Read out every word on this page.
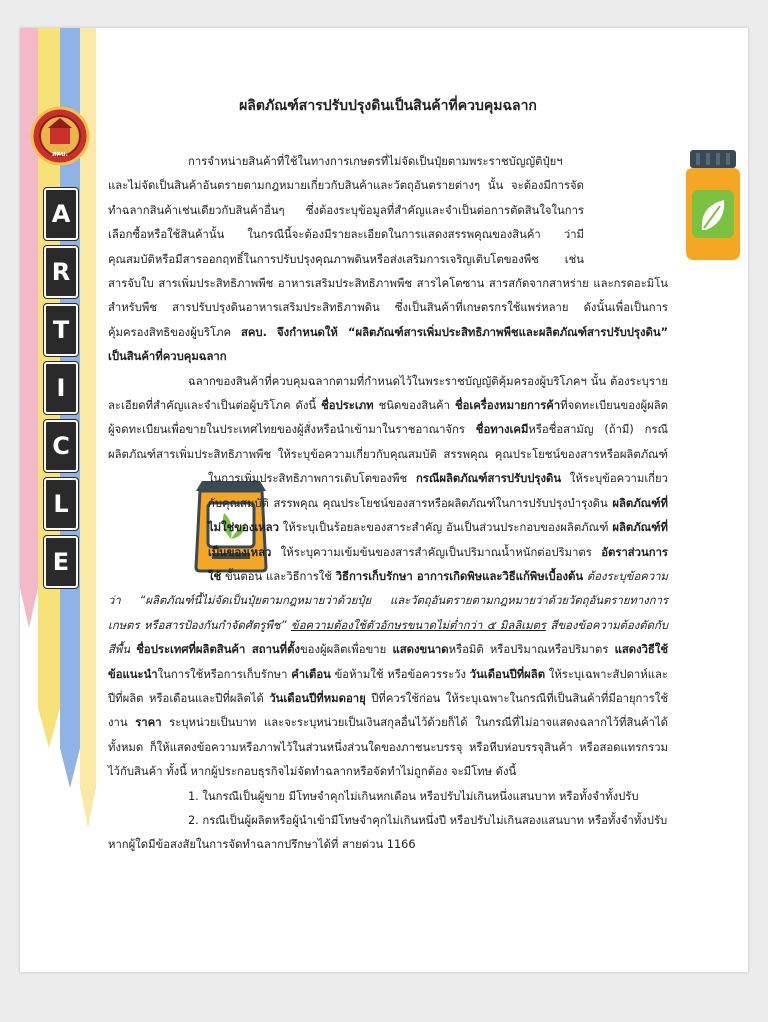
สคบ.
A
R
T
I
C
L
E
ผลิตภัณฑ์สารปรับปรุงดินเป็นสินค้าที่ควบคุมฉลาก

การจำหน่ายสินค้าที่ใช้ในทางการเกษตรที่ไม่จัดเป็นปุ๋ยตามพระราชบัญญัติปุ๋ยฯ และไม่จัดเป็นสินค้าอันตรายตามกฎหมายเกี่ยวกับสินค้าและวัตถุอันตรายต่างๆ นั้น จะต้องมีการจัดทำฉลากสินค้าเช่นเดียวกับสินค้าอื่นๆ ซึ่งต้องระบุข้อมูลที่สำคัญและจำเป็นต่อการตัดสินใจในการเลือกซื้อหรือใช้สินค้านั้น ในกรณีนี้จะต้องมีรายละเอียดในการแสดงสรรพคุณของสินค้า ว่ามีคุณสมบัติหรือมีสารออกฤทธิ์ในการปรับปรุงคุณภาพดินหรือส่งเสริมการเจริญเติบโตของพืช เช่น สารจับใบ สารเพิ่มประสิทธิภาพพืช อาหารเสริมประสิทธิภาพพืช สารไคโตซาน สารสกัดจากสาหร่าย และกรดอะมิโนสำหรับพืช สารปรับปรุงดินอาหารเสริมประสิทธิภาพดิน ซึ่งเป็นสินค้าที่เกษตรกรใช้แพร่หลาย ดังนั้นเพื่อเป็นการคุ้มครองสิทธิของผู้บริโภค สคบ. จึงกำหนดให้ “ผลิตภัณฑ์สารเพิ่มประสิทธิภาพพืชและผลิตภัณฑ์สารปรับปรุงดิน” เป็นสินค้าที่ควบคุมฉลาก

ฉลากของสินค้าที่ควบคุมฉลากตามที่กำหนดไว้ในพระราชบัญญัติคุ้มครองผู้บริโภคฯ นั้น ต้องระบุรายละเอียดที่สำคัญและจำเป็นต่อผู้บริโภค ดังนี้ ชื่อประเภท ชนิดของสินค้า ชื่อเครื่องหมายการค้าที่จดทะเบียนของผู้ผลิต ผู้จดทะเบียนเพื่อขายในประเทศไทยของผู้สั่งหรือนำเข้ามาในราชอาณาจักร ชื่อทางเคมีหรือชื่อสามัญ (ถ้ามี) กรณีผลิตภัณฑ์สารเพิ่มประสิทธิภาพพืช ให้ระบุข้อความเกี่ยวกับคุณสมบัติ สรรพคุณ คุณประโยชน์ของสารหรือผลิตภัณฑ์ในการเพิ่มประสิทธิภาพการเติบโตของพืช
กรณีผลิตภัณฑ์สารปรับปรุงดิน ให้ระบุข้อความเกี่ยวกับคุณสมบัติ สรรพคุณ คุณประโยชน์ของสารหรือผลิตภัณฑ์ในการปรับปรุงบำรุงดิน ผลิตภัณฑ์ที่ไม่ใช่ของเหลว ให้ระบุเป็นร้อยละของสาระสำคัญ อันเป็นส่วนประกอบของผลิตภัณฑ์ ผลิตภัณฑ์ที่เป็นของเหลว ให้ระบุความเข้มข้นของสารสำคัญเป็นปริมาณน้ำหนักต่อปริมาตร อัตราส่วนการใช้ ขั้นตอน และวิธีการใช้ วิธีการเก็บรักษา อาการเกิดพิษและวิธีแก้พิษเบื้องต้น ต้องระบุข้อความว่า “ผลิตภัณฑ์นี้ไม่จัดเป็นปุ๋ยตามกฎหมายว่าด้วยปุ๋ย และวัตถุอันตรายตามกฎหมายว่าด้วยวัตถุอันตรายทางการเกษตร หรือสารป้องกันกำจัดศัตรูพืช” ข้อความต้องใช้ตัวอักษรขนาดไม่ต่ำกว่า ๕ มิลลิเมตร สีของข้อความต้องตัดกับสีพื้น ชื่อประเทศที่ผลิตสินค้า สถานที่ตั้งของผู้ผลิตเพื่อขาย แสดงขนาดหรือมิติ หรือปริมาณหรือปริมาตร แสดงวิธีใช้ ข้อแนะนำในการใช้หรือการเก็บรักษา คำเตือน ข้อห้ามใช้ หรือข้อควรระวัง วันเดือนปีที่ผลิต ให้ระบุเฉพาะสัปดาห์และปีที่ผลิต หรือเดือนและปีที่ผลิตได้ วันเดือนปีที่หมดอายุ ปีที่ควรใช้ก่อน ให้ระบุเฉพาะในกรณีที่เป็นสินค้าที่มีอายุการใช้งาน ราคา ระบุหน่วยเป็นบาท และจะระบุหน่วยเป็นเงินสกุลอื่นไว้ด้วยก็ได้ ในกรณีที่ไม่อาจแสดงฉลากไว้ที่สินค้าได้ทั้งหมด ก็ให้แสดงข้อความหรือภาพไว้ในส่วนหนึ่งส่วนใดของภาชนะบรรจุ หรือหีบห่อบรรจุสินค้า หรือสอดแทรกรวมไว้กับสินค้า ทั้งนี้ หากผู้ประกอบธุรกิจไม่จัดทำฉลากหรือจัดทำไม่ถูกต้อง จะมีโทษ ดังนี้

1. ในกรณีเป็นผู้ขาย มีโทษจำคุกไม่เกินหกเดือน หรือปรับไม่เกินหนึ่งแสนบาท หรือทั้งจำทั้งปรับ

2. กรณีเป็นผู้ผลิตหรือผู้นำเข้ามีโทษจำคุกไม่เกินหนึ่งปี หรือปรับไม่เกินสองแสนบาท หรือทั้งจำทั้งปรับ หากผู้ใดมีข้อสงสัยในการจัดทำฉลากปรึกษาได้ที่ สายด่วน 1166
